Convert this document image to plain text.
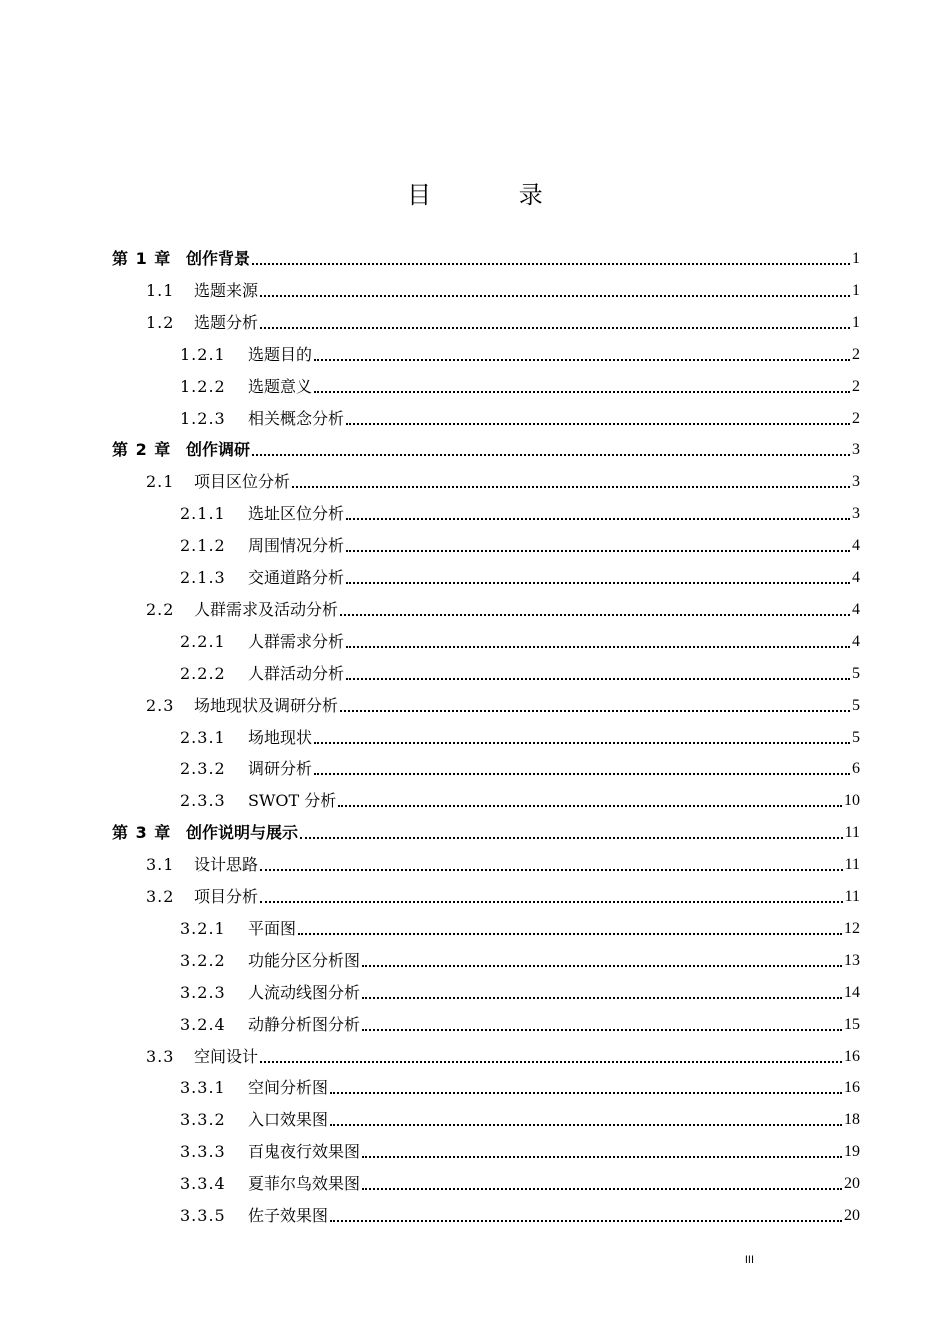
目 录
第 1 章 创作背景	1
1.1	选题来源	1
1.2	选题分析	1
1.2.1	选题目的	2
1.2.2	选题意义	2
1.2.3	相关概念分析	2
第 2 章 创作调研	3
2.1	项目区位分析	3
2.1.1	选址区位分析	3
2.1.2	周围情况分析	4
2.1.3	交通道路分析	4
2.2	人群需求及活动分析	4
2.2.1	人群需求分析	4
2.2.2	人群活动分析	5
2.3	场地现状及调研分析	5
2.3.1	场地现状	5
2.3.2	调研分析	6
2.3.3	SWOT 分析	10
第 3 章 创作说明与展示	11
3.1	设计思路	11
3.2	项目分析	11
3.2.1	平面图	12
3.2.2	功能分区分析图	13
3.2.3	人流动线图分析	14
3.2.4	动静分析图分析	15
3.3	空间设计	16
3.3.1	空间分析图	16
3.3.2	入口效果图	18
3.3.3	百鬼夜行效果图	19
3.3.4	夏菲尔鸟效果图	20
3.3.5	佐子效果图	20
III
